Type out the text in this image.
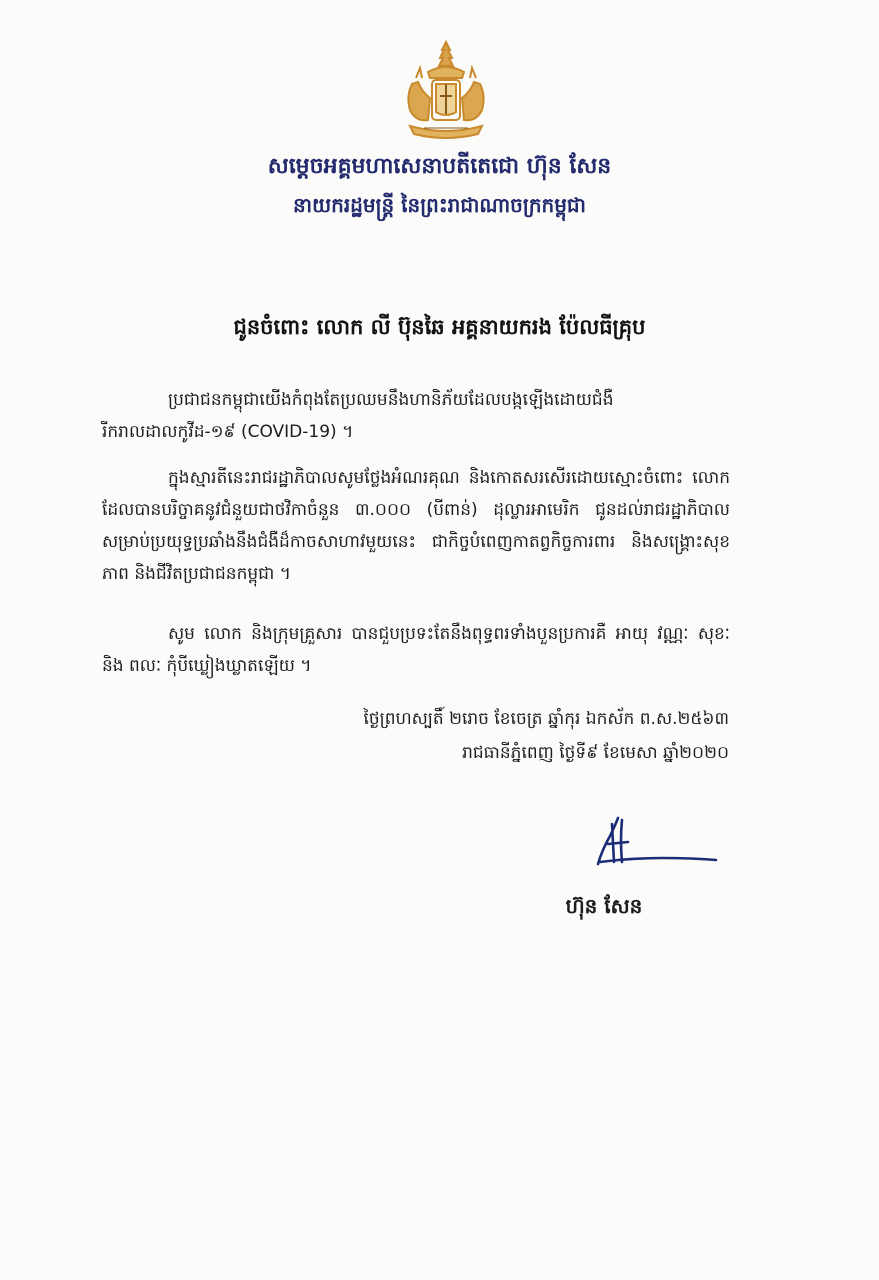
សម្តេចអគ្គមហាសេនាបតីតេជោ ហ៊ុន សែន
នាយករដ្ឋមន្ត្រី នៃព្រះរាជាណាចក្រកម្ពុជា
ជូនចំពោះ លោក លី ប៊ុនឆៃ អគ្គនាយករង ប៉ែលធីគ្រុប

ប្រជាជនកម្ពុជាយើងកំពុងតែប្រឈមនឹងហានិភ័យដែលបង្កឡើងដោយជំងឺរីករាលដាលកូវីដ-១៩ (COVID-19) ។

ក្នុងស្មារតីនេះរាជរដ្ឋាភិបាលសូមថ្លែងអំណរគុណ និងកោតសរសើរដោយស្មោះចំពោះ លោក ដែលបានបរិច្ចាគនូវជំនួយជាថវិកាចំនួន ៣.០០០ (បីពាន់) ដុល្លារអាមេរិក ជូនដល់រាជរដ្ឋាភិបាល សម្រាប់ប្រយុទ្ធប្រឆាំងនឹងជំងឺដ៏កាចសាហាវមួយនេះ ជាកិច្ចបំពេញកាតព្វកិច្ចការពារ និងសង្គ្រោះសុខភាព និងជីវិតប្រជាជនកម្ពុជា ។

សូម លោក និងក្រុមគ្រួសារ បានជួបប្រទះតែនឹងពុទ្ធពរទាំងបួនប្រការគឺ អាយុ វណ្ណៈ សុខៈ និង ពលៈ កុំបីឃ្លៀងឃ្លាតឡើយ ។

ថ្ងៃព្រហស្បតិ៍ ២រោច ខែចេត្រ ឆ្នាំកុរ ឯកស័ក ព.ស.២៥៦៣
រាជធានីភ្នំពេញ ថ្ងៃទី៩ ខែមេសា ឆ្នាំ២០២០
ហ៊ុន សែន
